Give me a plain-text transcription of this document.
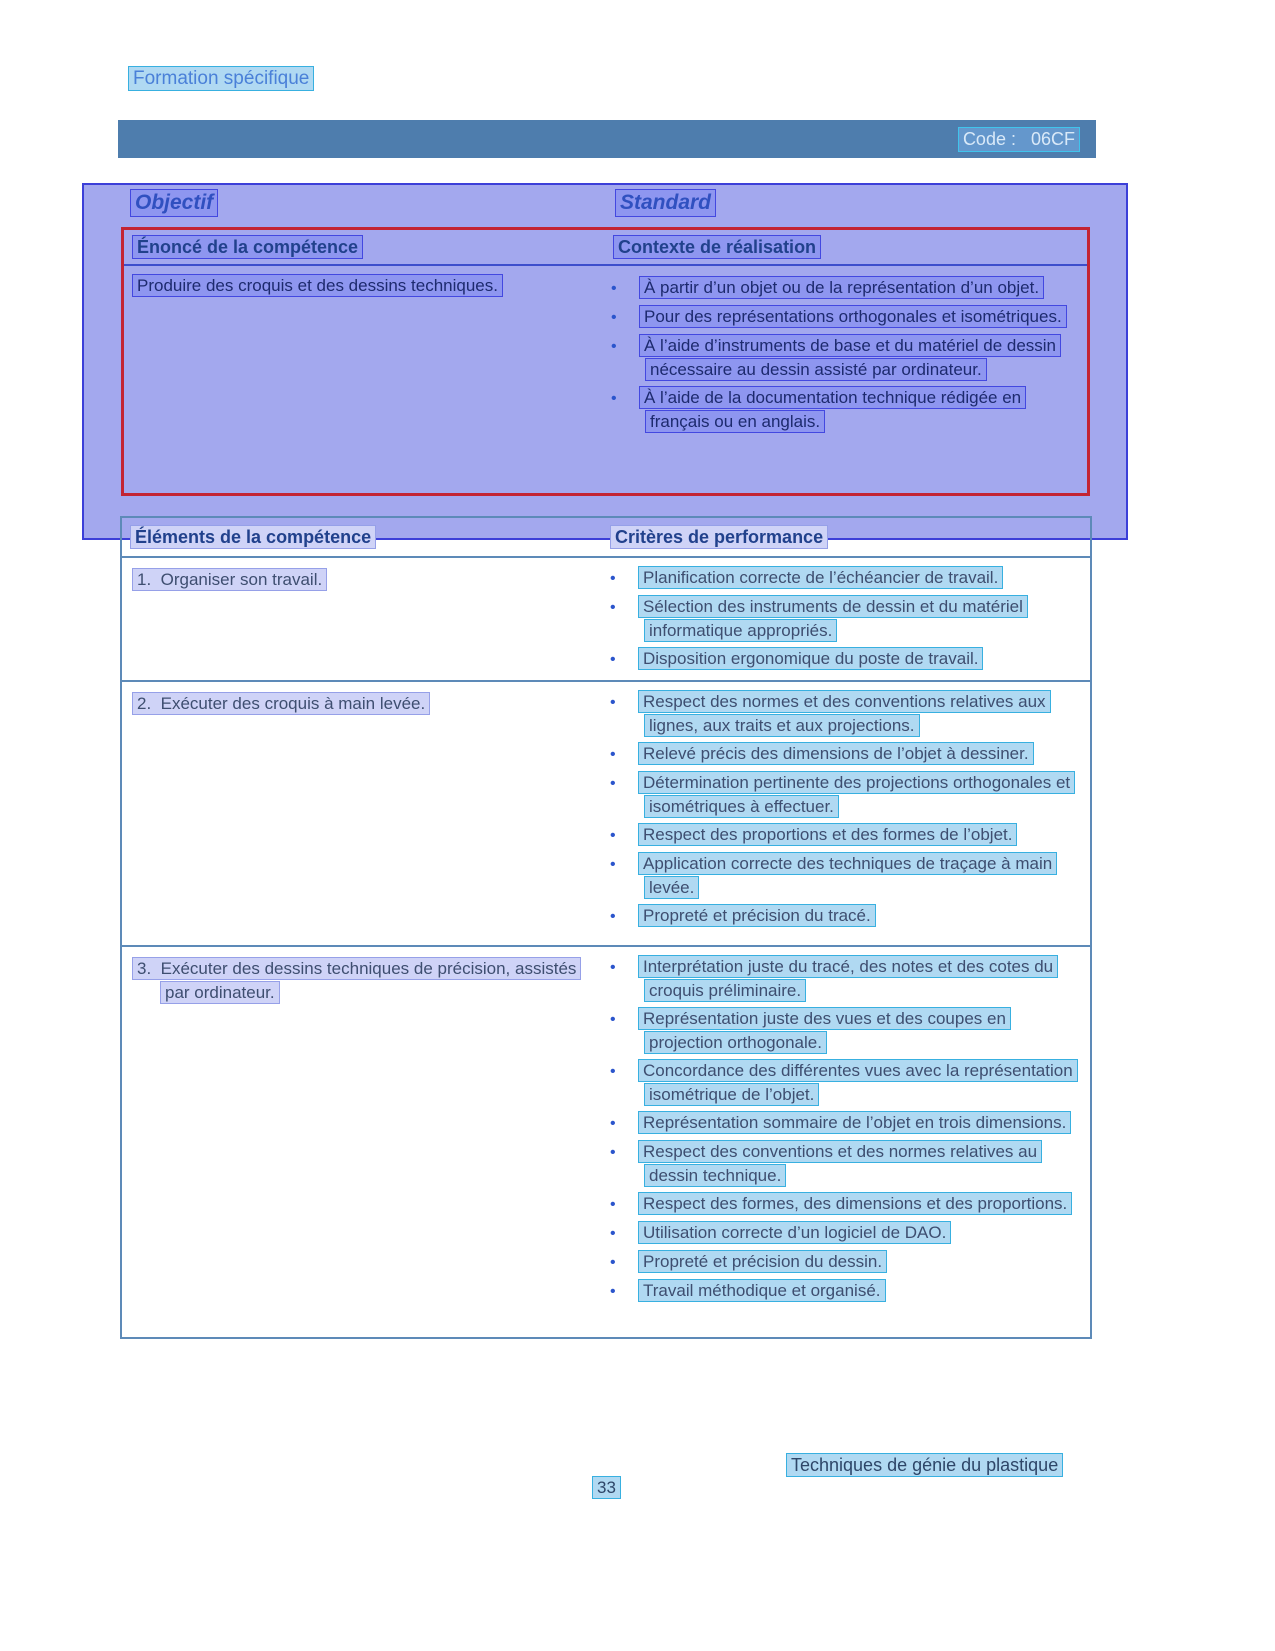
Formation spécifique
Code :   06CF
Objectif	Standard
Énoncé de la compétence	Contexte de réalisation
Produire des croquis et des dessins techniques.	• À partir d’un objet ou de la représentation d’un objet.
• Pour des représentations orthogonales et isométriques.
• À l’aide d’instruments de base et du matériel de dessin nécessaire au dessin assisté par ordinateur.
• À l’aide de la documentation technique rédigée en français ou en anglais.
Éléments de la compétence	Critères de performance
1.  Organiser son travail.	• Planification correcte de l’échéancier de travail.
• Sélection des instruments de dessin et du matériel informatique appropriés.
• Disposition ergonomique du poste de travail.
2.  Exécuter des croquis à main levée.	• Respect des normes et des conventions relatives aux lignes, aux traits et aux projections.
• Relevé précis des dimensions de l’objet à dessiner.
• Détermination pertinente des projections orthogonales et isométriques à effectuer.
• Respect des proportions et des formes de l’objet.
• Application correcte des techniques de traçage à main levée.
• Propreté et précision du tracé.
3.  Exécuter des dessins techniques de précision, assistés par ordinateur.
• Interprétation juste du tracé, des notes et des cotes du croquis préliminaire.
• Représentation juste des vues et des coupes en projection orthogonale.
• Concordance des différentes vues avec la représentation isométrique de l’objet.
• Représentation sommaire de l’objet en trois dimensions.
• Respect des conventions et des normes relatives au dessin technique.
• Respect des formes, des dimensions et des proportions.
• Utilisation correcte d’un logiciel de DAO.
• Propreté et précision du dessin.
• Travail méthodique et organisé.
Techniques de génie du plastique
33
